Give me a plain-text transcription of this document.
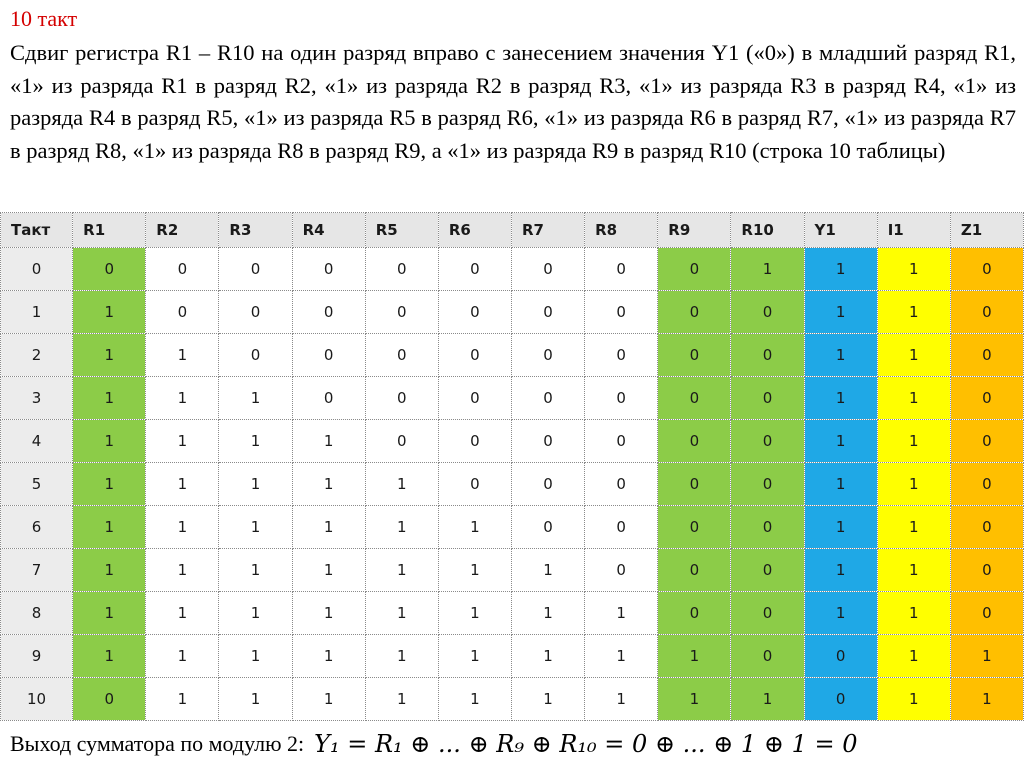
10 такт
Сдвиг регистра R1 – R10 на один разряд вправо с занесением значения Y1 («0») в младший разряд R1, «1» из разряда R1 в разряд R2, «1» из разряда R2 в разряд R3, «1» из разряда R3 в разряд R4, «1» из разряда R4 в разряд R5, «1» из разряда R5 в разряд R6, «1» из разряда R6 в разряд R7, «1» из разряда R7 в разряд R8, «1» из разряда R8 в разряд R9, а «1» из разряда R9 в разряд R10 (строка 10 таблицы)
Такт	R1	R2	R3	R4	R5	R6	R7	R8	R9	R10	Y1	I1	Z1
0	0	0	0	0	0	0	0	0	0	1	1	1	0
1	1	0	0	0	0	0	0	0	0	0	1	1	0
2	1	1	0	0	0	0	0	0	0	0	1	1	0
3	1	1	1	0	0	0	0	0	0	0	1	1	0
4	1	1	1	1	0	0	0	0	0	0	1	1	0
5	1	1	1	1	1	0	0	0	0	0	1	1	0
6	1	1	1	1	1	1	0	0	0	0	1	1	0
7	1	1	1	1	1	1	1	0	0	0	1	1	0
8	1	1	1	1	1	1	1	1	0	0	1	1	0
9	1	1	1	1	1	1	1	1	1	0	0	1	1
10	0	1	1	1	1	1	1	1	1	1	0	1	1
Выход сумматора по модулю 2: Y₁ = R₁ ⊕ ... ⊕ R₉ ⊕ R₁₀ = 0 ⊕ ... ⊕ 1 ⊕ 1 = 0
